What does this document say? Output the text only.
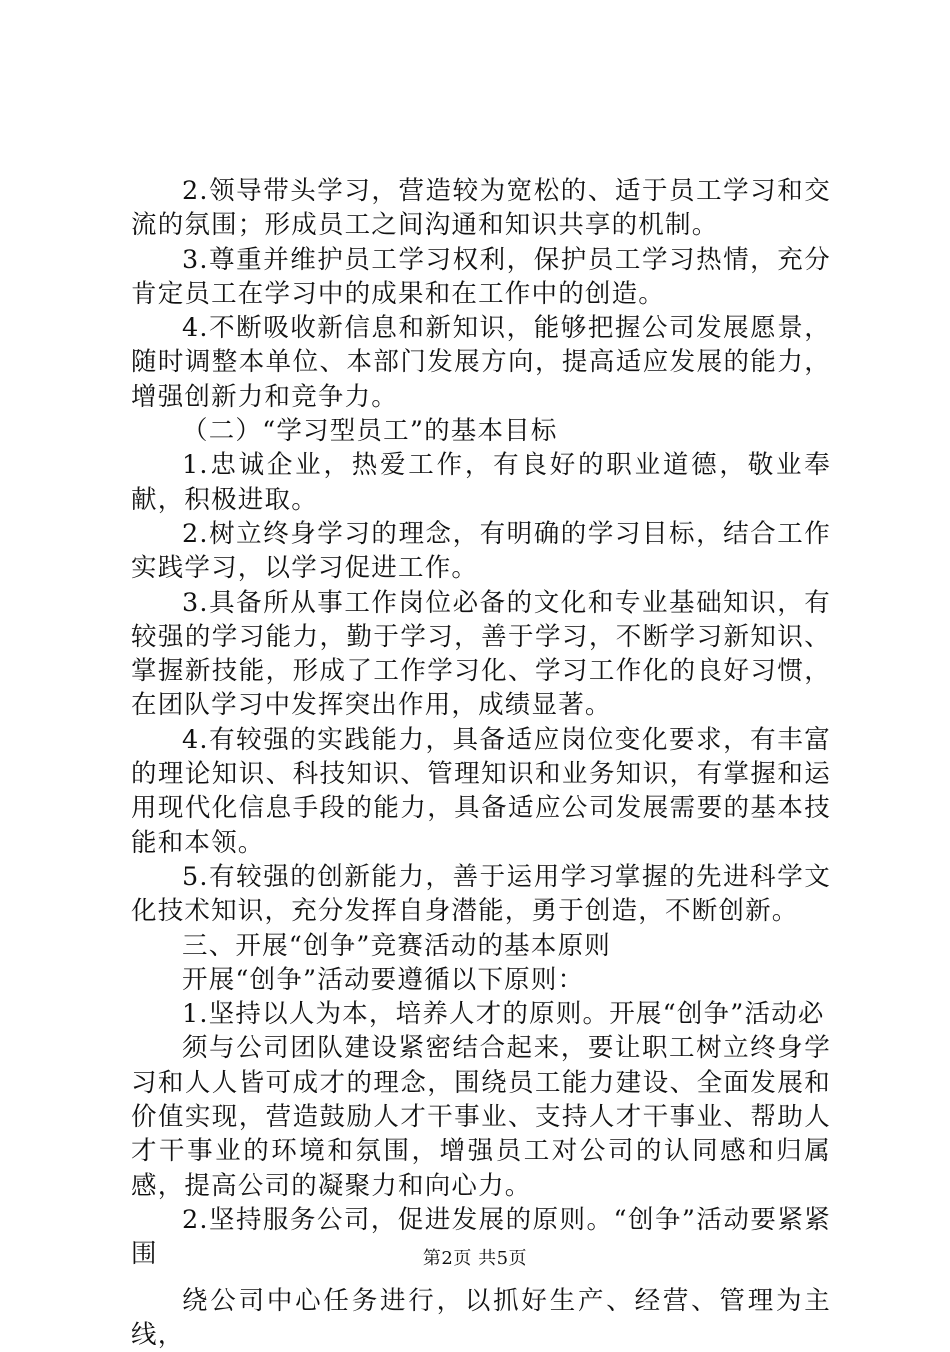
2.领导带头学习，营造较为宽松的、适于员工学习和交流的氛围；形成员工之间沟通和知识共享的机制。

3.尊重并维护员工学习权利，保护员工学习热情，充分肯定员工在学习中的成果和在工作中的创造。

4.不断吸收新信息和新知识，能够把握公司发展愿景，随时调整本单位、本部门发展方向，提高适应发展的能力，增强创新力和竞争力。

（二）“学习型员工”的基本目标

1.忠诚企业，热爱工作，有良好的职业道德，敬业奉献，积极进取。

2.树立终身学习的理念，有明确的学习目标，结合工作实践学习，以学习促进工作。

3.具备所从事工作岗位必备的文化和专业基础知识，有较强的学习能力，勤于学习，善于学习，不断学习新知识、掌握新技能，形成了工作学习化、学习工作化的良好习惯，在团队学习中发挥突出作用，成绩显著。

4.有较强的实践能力，具备适应岗位变化要求，有丰富的理论知识、科技知识、管理知识和业务知识，有掌握和运用现代化信息手段的能力，具备适应公司发展需要的基本技能和本领。

5.有较强的创新能力，善于运用学习掌握的先进科学文化技术知识，充分发挥自身潜能，勇于创造，不断创新。

三、开展“创争”竞赛活动的基本原则

开展“创争”活动要遵循以下原则：

1.坚持以人为本，培养人才的原则。开展“创争”活动必

须与公司团队建设紧密结合起来，要让职工树立终身学习和人人皆可成才的理念，围绕员工能力建设、全面发展和价值实现，营造鼓励人才干事业、支持人才干事业、帮助人才干事业的环境和氛围，增强员工对公司的认同感和归属感，提高公司的凝聚力和向心力。

2.坚持服务公司，促进发展的原则。“创争”活动要紧紧围

绕公司中心任务进行，以抓好生产、经营、管理为主线，

第2页 共5页
